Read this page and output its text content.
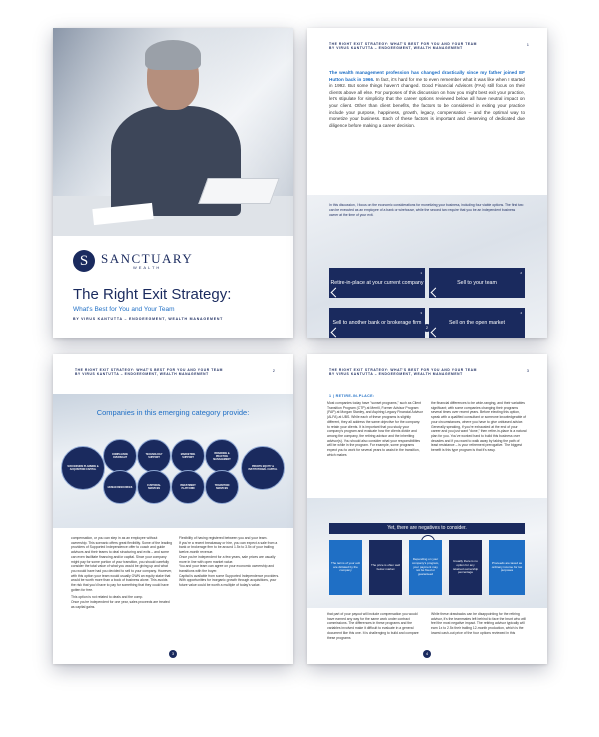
S SANCTUARY
WEALTH
The Right Exit Strategy:
What's Best for You and Your Team
BY VIRUS KANTUTTA – ENDOEEGMENT, WEALTH MANAGEMENT
THE RIGHT EXIT STRATEGY: WHAT'S BEST FOR YOU AND YOUR TEAM
BY VIRUS KANTUTTA – ENDOEEGMENT, WEALTH MANAGEMENT
1
The wealth management profession has changed drastically since my father joined EF Hutton back in 1966. In fact, it's hard for me to even remember what it was like when I started in 1992. But some things haven't changed. Good Financial Advisors (FAs) still focus on their clients above all else. For purposes of this discussion on how you might best exit your practice, let's stipulate for simplicity that the career options reviewed below all have neutral impact on your client. Other than client benefits, the factors to be considered in exiting your practice include your purpose, happiness, growth, legacy, compensation – and the optimal way to monetize your business. Each of these factors is important and deserving of dedicated due diligence before making a career decision.
In this discussion, I focus on the economic considerations for monetizing your business, including four viable options. The first two can be executed as an employee of a bank or wirehouse, while the second two require that you be an independent business owner at the time of your exit.
Retire-in-place at your current company
1
Sell to your team
2
Sell to another bank or brokerage firm
3
Sell on the open market
4
2
THE RIGHT EXIT STRATEGY: WHAT'S BEST FOR YOU AND YOUR TEAM
BY VIRUS KANTUTTA – ENDOEEGMENT, WEALTH MANAGEMENT
2
Companies in this emerging category provide:
SUCCESSION PLANNING & ACQUISITION CAPITAL
COMPLIANCE OVERSIGHT
TECHNOLOGY SUPPORT
MARKETING SUPPORT
BRANDING & PRACTICE MANAGEMENT
HUMAN RESOURCES	CUSTODIAL SERVICES
INVESTMENT PLATFORM
TRANSITION SERVICES
PRIVATE EQUITY & INSTITUTIONAL CAPITAL
compensation, or you can step in as an employee without ownership. This scenario offers great flexibility. Some of the leading providers of Supported Independence offer to coach and guide advisors and their teams to deal structuring and exits – and some can even facilitate financing and/or capital. Since your company might pay for some portion of your transition, you should carefully consider the total value of what you would be giving up and what you would have had you decided to sell to your company. However, with this option your team would usually OWN an equity stake that would be worth more than a book of business alone. This avoids the risk that you'd have to pay for something that they could have gotten for free.
This option is not related to deals and the comp.
Once you're independent for one year, sales proceeds are treated as capital gains.
Flexibility of having registered between you and your team.
If you're a recent breakaway or hire, you can expect a sale from a bank or brokerage firm to be around 1.5x to 3.5x of your trailing twelve-month revenue.
Once you're independent for a few years, sale prices are usually more in line with open market value.
You and your team can agree on your economic ownership and transitions with the buyer.
Capital is available from some Supported Independence providers.
With opportunities for inorganic growth through acquisitions, your future value could be worth a multiple of today's value.
3
THE RIGHT EXIT STRATEGY: WHAT'S BEST FOR YOU AND YOUR TEAM
BY VIRUS KANTUTTA – ENDOEEGMENT, WEALTH MANAGEMENT
3
1 | RETIRE-IN-PLACE:
Most companies today have "sunset programs," such as Client Transition Program (CTP) at Merrill, Former Advisor Program (FAP) at Morgan Stanley, and Aspiring Legacy Financial Advisor (ALFA) at UBS. While each of these programs is slightly different, they all address the same objective for the company: to retain your clients. It is important that you study your company's program and evaluate how the clients divide and among the company, the retiring advisor and the inheriting advisor(s). You should also consider what your responsibilities will be while in the program. For example, some programs expect you to work for several years to assist in the transition, which makes
the financial differences to be wide-ranging, and their variables significant; with some companies changing their programs several times over recent years. Before electing this option, speak with a qualified consultant or someone knowledgeable of your circumstances, where you have to give unbiased advice. Generally speaking, if you're exhausted at the end of your career and you just want "done," then retire-in-place is a natural plan for you. You've worked hard to build this business over decades and if you want to walk away by taking the path of least resistance – is your retirement prerogative. The biggest benefit is this type program is that it's easy.
Yet, there are negatives to consider.
The terms of your exit are dictated by the company
The price is often well below market
Depending on your company's program, your payment may not be fixed or guaranteed
Usually there is no option for any retained ownership percentage
Proceeds are taxed as ordinary income for tax purposes
that part of your payout will include compensation you would have earned any way for the same work under contract commissions. The differences in these programs and the variables involved make it difficult to evaluate in a general document like this one. It is challenging to build and compare these programs
While these drawbacks can be disappointing for the retiring advisor, it's the teammates left behind to face the brunt who will feel the most negative impact. The retiring advisor typically will earn 1x to 2.5x their trailing 12-month production, which is the lowest cash-out price of the four options reviewed in this
4
